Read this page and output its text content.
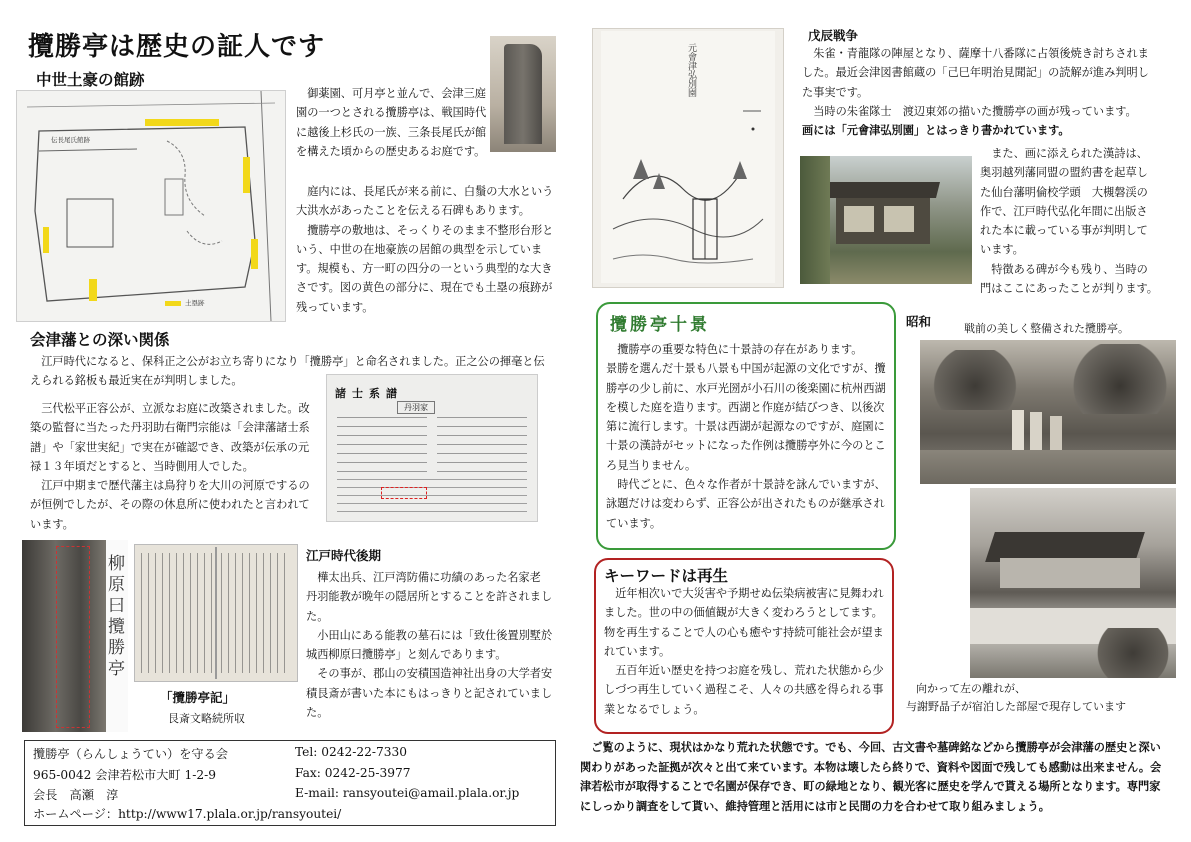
攬勝亭は歴史の証人です
中世土豪の館跡
伝長尾氏館跡
土塁跡

御薬園、可月亭と並んで、会津三庭園の一つとされる攬勝亭は、戦国時代に越後上杉氏の一族、三条長尾氏が館を構えた頃からの歴史あるお庭です。

庭内には、長尾氏が来る前に、白鬚の大水という大洪水があったことを伝える石碑もあります。

攬勝亭の敷地は、そっくりそのまま不整形台形という、中世の在地豪族の居館の典型を示しています。規模も、方一町の四分の一という典型的な大きさです。図の黄色の部分に、現在でも土塁の痕跡が残っています。

会津藩との深い関係

江戸時代になると、保科正之公がお立ち寄りになり「攬勝亭」と命名されました。正之公の揮毫と伝えられる銘板も最近実在が判明しました。

三代松平正容公が、立派なお庭に改築されました。改築の監督に当たった丹羽助右衛門宗能は「会津藩諸士系譜」や「家世実紀」で実在が確認でき、改築が伝承の元禄１３年頃だとすると、当時側用人でした。

江戸中期まで歴代藩主は鳥狩りを大川の河原でするのが恒例でしたが、その際の休息所に使われたと言われています。

諸士系譜
丹羽家
柳原曰攬勝亭
「攬勝亭記」
艮斎文略続所収
江戸時代後期

樺太出兵、江戸湾防備に功績のあった名家老　丹羽能教が晩年の隠居所とすることを許されました。

小田山にある能教の墓石には「致仕後置別墅於城西柳原曰攬勝亭」と刻んであります。

その事が、郡山の安積国造神社出身の大学者安積艮斎が書いた本にもはっきりと記されていました。

攬勝亭（らんしょうてい）を守る会
965-0042 会津若松市大町 1-2-9
会長　高瀬　淳
ホームページ：http://www17.plala.or.jp/ransyoutei/
Tel: 0242-22-7330
Fax: 0242-25-3977
E-mail: ransyoutei@amail.plala.or.jp
元會津弘別園
戊辰戦争

朱雀・青龍隊の陣屋となり、薩摩十八番隊に占領後焼き討ちされました。最近会津図書館蔵の「己巳年明治見聞記」の読解が進み判明した事実です。

当時の朱雀隊士　渡辺東郊の描いた攬勝亭の画が残っています。

画には「元會津弘別園」とはっきり書かれています。

また、画に添えられた漢詩は、奥羽越列藩同盟の盟約書を起草した仙台藩明倫校学頭　大槻磐渓の作で、江戸時代弘化年間に出版された本に載っている事が判明しています。

特徴ある碑が今も残り、当時の門はここにあったことが判ります。

攬勝亭十景

攬勝亭の重要な特色に十景詩の存在があります。

景勝を選んだ十景も八景も中国が起源の文化ですが、攬勝亭の少し前に、水戸光圀が小石川の後楽園に杭州西湖を模した庭を造ります。西湖と作庭が結びつき、以後次第に流行します。十景は西湖が起源なのですが、庭園に十景の漢詩がセットになった作例は攬勝亭外に今のところ見当りません。

時代ごとに、色々な作者が十景詩を詠んでいますが、詠題だけは変わらず、正容公が出されたものが継承されています。

キーワードは再生

近年相次いで大災害や予期せぬ伝染病被害に見舞われました。世の中の価値観が大きく変わろうとしてます。物を再生することで人の心も癒やす持続可能社会が望まれています。

五百年近い歴史を持つお庭を残し、荒れた状態から少しづつ再生していく過程こそ、人々の共感を得られる事業となるでしょう。

昭和	戦前の美しく整備された攬勝亭。
向かって左の離れが、
与謝野晶子が宿泊した部屋で現存しています
ご覧のように、現状はかなり荒れた状態です。でも、今回、古文書や墓碑銘などから攬勝亭が会津藩の歴史と深い関わりがあった証拠が次々と出て来ています。本物は壊したら終りで、資料や図面で残しても感動は出来ません。会津若松市が取得することで名園が保存でき、町の緑地となり、観光客に歴史を学んで貰える場所となります。専門家にしっかり調査をして貰い、維持管理と活用には市と民間の力を合わせて取り組みましょう。
